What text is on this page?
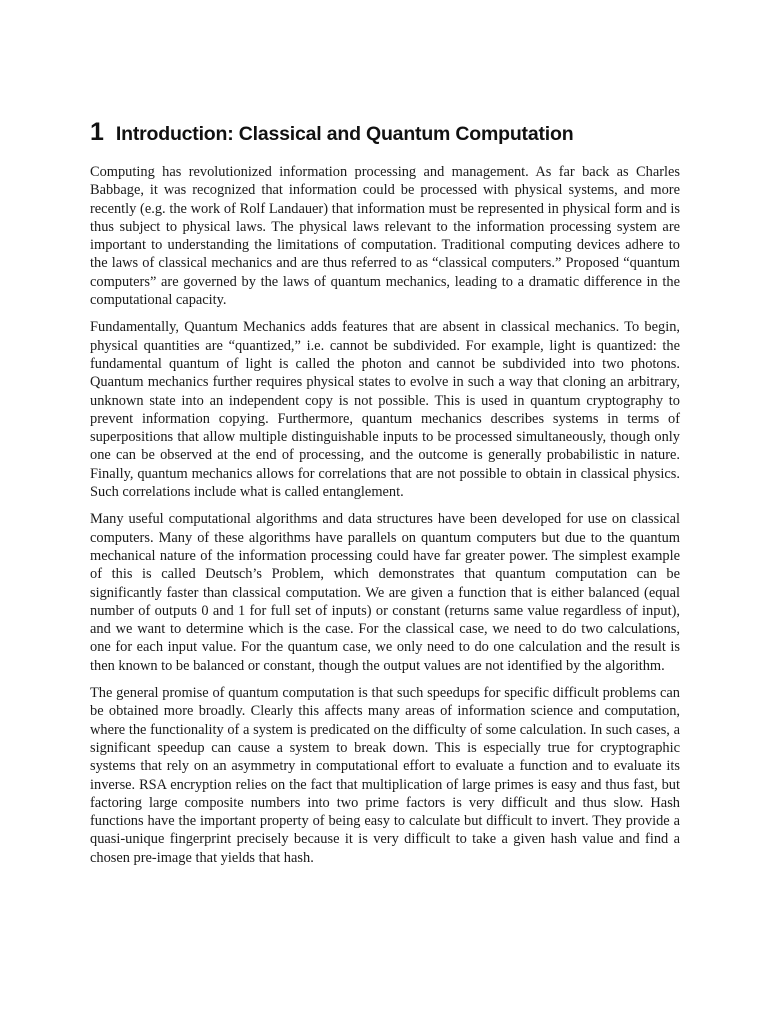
1 Introduction: Classical and Quantum Computation

Computing has revolutionized information processing and management. As far back as Charles Babbage, it was recognized that information could be processed with physical systems, and more recently (e.g. the work of Rolf Landauer) that information must be represented in physical form and is thus subject to physical laws. The physical laws relevant to the information processing system are important to understanding the limitations of computation. Traditional computing devices adhere to the laws of classical mechanics and are thus referred to as “classical computers.” Proposed “quantum computers” are governed by the laws of quantum mechanics, leading to a dramatic difference in the computational capacity.

Fundamentally, Quantum Mechanics adds features that are absent in classical mechanics. To begin, physical quantities are “quantized,” i.e. cannot be subdivided. For example, light is quantized: the fundamental quantum of light is called the photon and cannot be subdivided into two photons. Quantum mechanics further requires physical states to evolve in such a way that cloning an arbitrary, unknown state into an independent copy is not possible. This is used in quantum cryptography to prevent information copying. Furthermore, quantum mechanics describes systems in terms of superpositions that allow multiple distinguishable inputs to be processed simultaneously, though only one can be observed at the end of processing, and the outcome is generally probabilistic in nature. Finally, quantum mechanics allows for correlations that are not possible to obtain in classical physics. Such correlations include what is called entanglement.

Many useful computational algorithms and data structures have been developed for use on classical computers. Many of these algorithms have parallels on quantum computers but due to the quantum mechanical nature of the information processing could have far greater power. The simplest example of this is called Deutsch’s Problem, which demonstrates that quantum computation can be significantly faster than classical computation. We are given a function that is either balanced (equal number of outputs 0 and 1 for full set of inputs) or constant (returns same value regardless of input), and we want to determine which is the case. For the classical case, we need to do two calculations, one for each input value. For the quantum case, we only need to do one calculation and the result is then known to be balanced or constant, though the output values are not identified by the algorithm.

The general promise of quantum computation is that such speedups for specific difficult problems can be obtained more broadly. Clearly this affects many areas of information science and computation, where the functionality of a system is predicated on the difficulty of some calculation. In such cases, a significant speedup can cause a system to break down. This is especially true for cryptographic systems that rely on an asymmetry in computational effort to evaluate a function and to evaluate its inverse. RSA encryption relies on the fact that multiplication of large primes is easy and thus fast, but factoring large composite numbers into two prime factors is very difficult and thus slow. Hash functions have the important property of being easy to calculate but difficult to invert. They provide a quasi-unique fingerprint precisely because it is very difficult to take a given hash value and find a chosen pre-image that yields that hash.
